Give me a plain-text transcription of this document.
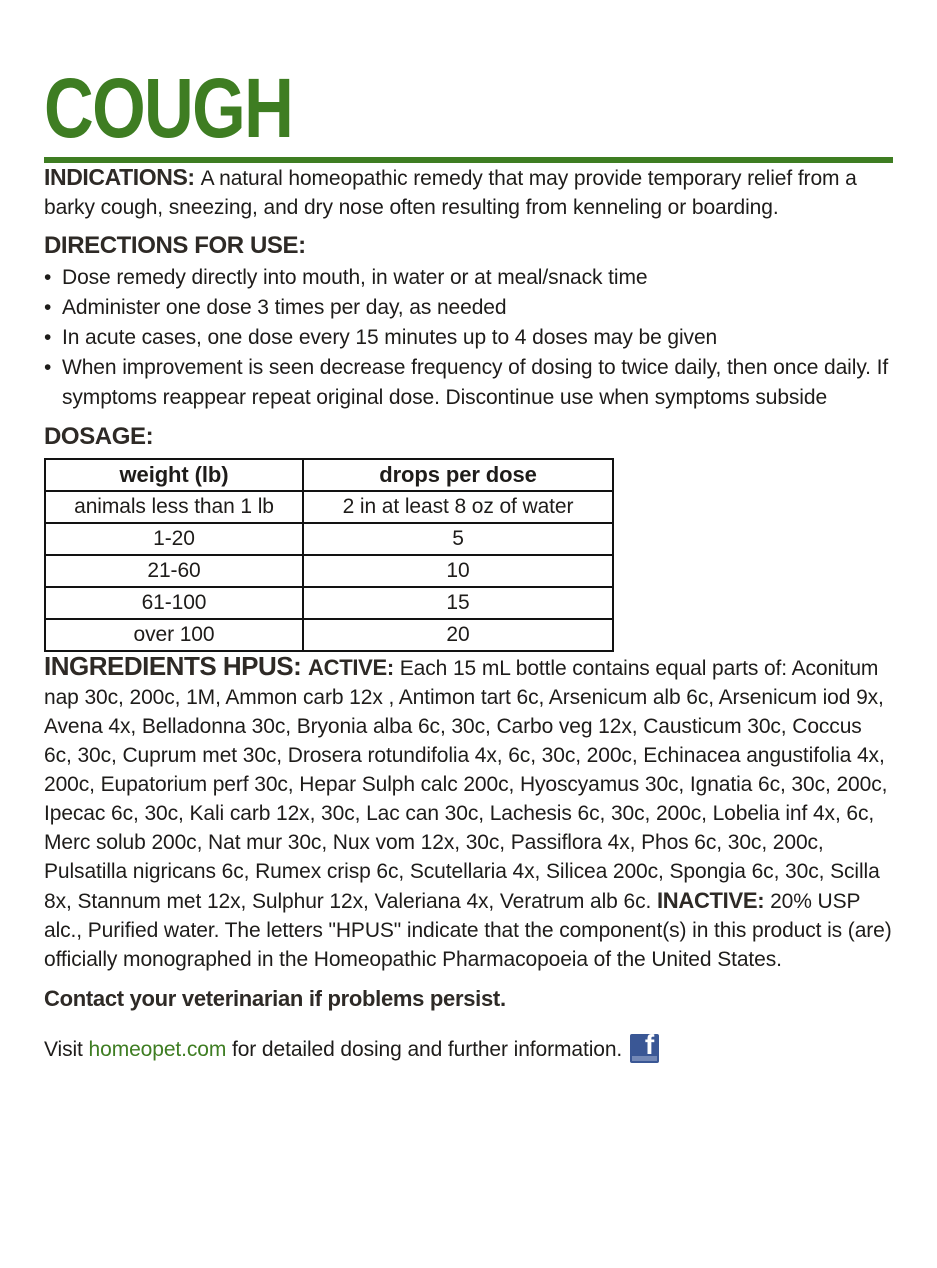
COUGH

INDICATIONS: A natural homeopathic remedy that may provide temporary relief from a barky cough, sneezing, and dry nose often resulting from kenneling or boarding.

DIRECTIONS FOR USE:
• Dose remedy directly into mouth, in water or at meal/snack time
• Administer one dose 3 times per day, as needed
• In acute cases, one dose every 15 minutes up to 4 doses may be given
• When improvement is seen decrease frequency of dosing to twice daily, then once daily. If symptoms reappear repeat original dose. Discontinue use when symptoms subside
DOSAGE:
weight (lb)	drops per dose
animals less than 1 lb	2 in at least 8 oz of water
1-20	5
21-60	10
61-100	15
over 100	20

INGREDIENTS HPUS: ACTIVE: Each 15 mL bottle contains equal parts of: Aconitum nap 30c, 200c, 1M, Ammon carb 12x , Antimon tart 6c, Arsenicum alb 6c, Arsenicum iod 9x, Avena 4x, Belladonna 30c, Bryonia alba 6c, 30c, Carbo veg 12x, Causticum 30c, Coccus 6c, 30c, Cuprum met 30c, Drosera rotundifolia 4x, 6c, 30c, 200c, Echinacea angustifolia 4x, 200c, Eupatorium perf 30c, Hepar Sulph calc 200c, Hyoscyamus 30c, Ignatia 6c, 30c, 200c, Ipecac 6c, 30c, Kali carb 12x, 30c, Lac can 30c, Lachesis 6c, 30c, 200c, Lobelia inf 4x, 6c, Merc solub 200c, Nat mur 30c, Nux vom 12x, 30c, Passiflora 4x, Phos 6c, 30c, 200c, Pulsatilla nigricans 6c, Rumex crisp 6c, Scutellaria 4x, Silicea 200c, Spongia 6c, 30c, Scilla 8x, Stannum met 12x, Sulphur 12x, Valeriana 4x, Veratrum alb 6c. INACTIVE: 20% USP alc., Purified water. The letters "HPUS" indicate that the component(s) in this product is (are) officially monographed in the Homeopathic Pharmacopoeia of the United States.

Contact your veterinarian if problems persist.

Visit homeopet.com for detailed dosing and further information. f
